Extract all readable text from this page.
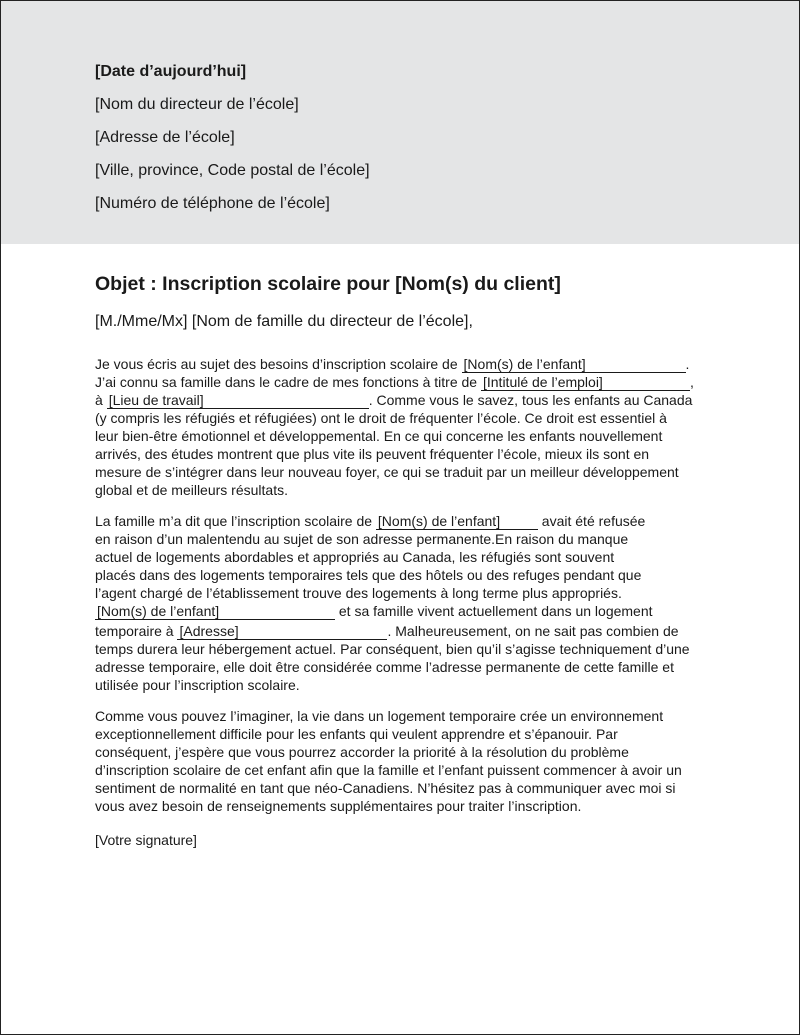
[Date d’aujourd’hui]
[Nom du directeur de l’école]
[Adresse de l’école]
[Ville, province, Code postal de l’école]
[Numéro de téléphone de l’école]
Objet : Inscription scolaire pour [Nom(s) du client]
[M./Mme/Mx] [Nom de famille du directeur de l’école],
Je vous écris au sujet des besoins d’inscription scolaire de [Nom(s) de l’enfant]	.
J’ai connu sa famille dans le cadre de mes fonctions à titre de [Intitulé de l’emploi]	,
à [Lieu de travail]	. Comme vous le savez, tous les enfants au Canada
(y compris les réfugiés et réfugiées) ont le droit de fréquenter l’école. Ce droit est essentiel à
leur bien-être émotionnel et développemental. En ce qui concerne les enfants nouvellement
arrivés, des études montrent que plus vite ils peuvent fréquenter l’école, mieux ils sont en
mesure de s’intégrer dans leur nouveau foyer, ce qui se traduit par un meilleur développement
global et de meilleurs résultats.
La famille m’a dit que l’inscription scolaire de [Nom(s) de l’enfant]	avait été refusée
en raison d’un malentendu au sujet de son adresse permanente.En raison du manque
actuel de logements abordables et appropriés au Canada, les réfugiés sont souvent
placés dans des logements temporaires tels que des hôtels ou des refuges pendant que
l’agent chargé de l’établissement trouve des logements à long terme plus appropriés.
[Nom(s) de l’enfant]	et sa famille vivent actuellement dans un logement
temporaire à [Adresse]	. Malheureusement, on ne sait pas combien de
temps durera leur hébergement actuel. Par conséquent, bien qu’il s’agisse techniquement d’une
adresse temporaire, elle doit être considérée comme l’adresse permanente de cette famille et
utilisée pour l’inscription scolaire.
Comme vous pouvez l’imaginer, la vie dans un logement temporaire crée un environnement
exceptionnellement difficile pour les enfants qui veulent apprendre et s’épanouir. Par
conséquent, j’espère que vous pourrez accorder la priorité à la résolution du problème
d’inscription scolaire de cet enfant afin que la famille et l’enfant puissent commencer à avoir un
sentiment de normalité en tant que néo-Canadiens. N’hésitez pas à communiquer avec moi si
vous avez besoin de renseignements supplémentaires pour traiter l’inscription.
[Votre signature]
